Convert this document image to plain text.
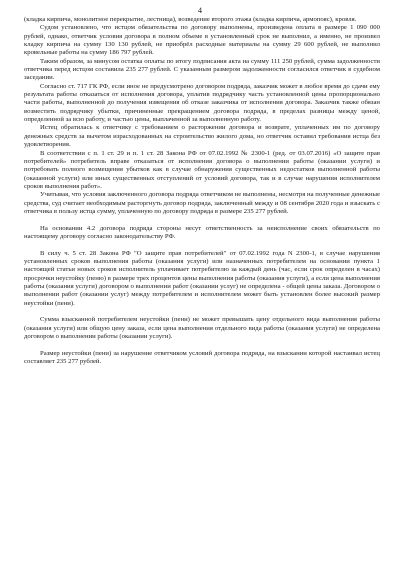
4

(кладка кирпича, монолитное перекрытие, лестница), возведение второго этажа (кладка кирпича, армопояс), кровля.

Судом установлено, что истцом обязательства по договору выполнены, произведена оплата в размере 1 090 000 рублей, однако, ответчик условия договора в полном объеме в установленный срок не выполнил, а именно, не произвел кладку кирпича на сумму 130 130 рублей, не приобрёл расходные материалы на сумму 29 600 рублей, не выполнил кровельные работы на сумму 186 797 рублей.

Таким образом, за минусом остатка оплаты по итогу подписания акта на сумму 111 250 рублей, сумма задолженности ответчика перед истцом составила 235 277 рублей. С указанным размером задолженности согласился ответчик в судебном заседании.

Согласно ст. 717 ГК РФ, если иное не предусмотрено договором подряда, заказчик может в любое время до сдачи ему результата работы отказаться от исполнения договора, уплатив подрядчику часть установленной цены пропорционально части работы, выполненной до получения извещения об отказе заказчика от исполнения договора. Заказчик также обязан возместить подрядчику убытки, причиненные прекращением договора подряда, в пределах разницы между ценой, определенной за всю работу, и частью цены, выплаченной за выполненную работу.

Истец обратилась к ответчику с требованием о расторжении договора и возврате, уплаченных им по договору денежных средств за вычетом израсходованных на строительство жилого дома, но ответчик оставил требования истца без удовлетворения.

В соответствии с п. 1 ст. 29 и п. 1 ст. 28 Закона РФ от 07.02.1992 № 2300-1 (ред. от 03.07.2016) «О защите прав потребителей» потребитель вправе отказаться от исполнения договора о выполнении работы (оказании услуги) и потребовать полного возмещения убытков как в случае обнаружения существенных недостатков выполненной работы (оказанной услуги) или иных существенных отступлений от условий договора, так и в случае нарушения исполнителем сроков выполнения работ».

Учитывая, что условия заключенного договора подряда ответчиком не выполнены, несмотря на полученные денежные средства, суд считает необходимым расторгнуть договор подряда, заключенный между и 08 сентября 2020 года и взыскать с ответчика в пользу истца сумму, уплаченную по договору подряда в размере 235 277 рублей.

На основании 4.2 договора подряда стороны несут ответственность за неисполнение своих обязательств по настоящему договору согласно законодательству РФ.

В силу ч. 5 ст. 28 Закона РФ "О защите прав потребителей" от 07.02.1992 года N 2300-1, в случае нарушения установленных сроков выполнения работы (оказания услуги) или назначенных потребителем на основании пункта 1 настоящей статьи новых сроков исполнитель уплачивает потребителю за каждый день (час, если срок определен в часах) просрочки неустойку (пеню) в размере трех процентов цены выполнения работы (оказания услуги), а если цена выполнения работы (оказания услуги) договором о выполнении работ (оказании услуг) не определена - общей цены заказа. Договором о выполнении работ (оказании услуг) между потребителем и исполнителем может быть установлен более высокий размер неустойки (пени).

Сумма взысканной потребителем неустойки (пени) не может превышать цену отдельного вида выполнения работы (оказания услуги) или общую цену заказа, если цена выполнения отдельного вида работы (оказания услуги) не определена договором о выполнении работы (оказании услуги).

Размер неустойки (пени) за нарушение ответчиком условий договора подряда, на взыскании которой настаивал истец составляет 235 277 рублей.
